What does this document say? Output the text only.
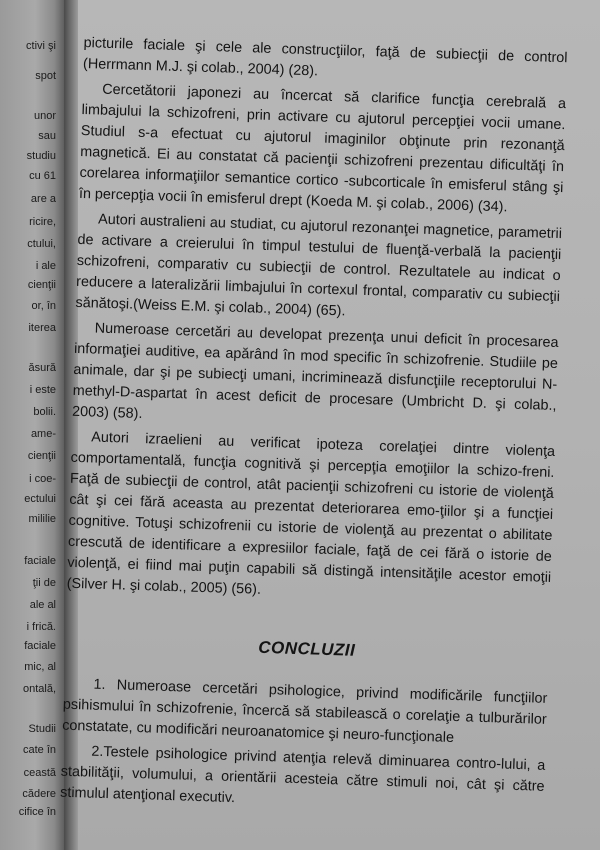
ctivi şi
spot
unor
sau
studiu
cu 61
are a
ricire,
ctului,
i ale
cienţii
or, în
iterea
ăsură
i este
bolii.
ame-
cienţii
i coe-
ectului
mililie
faciale
ţii de
ale al
i frică.
faciale
mic, al
ontală,
Studii
cate în
ceastă
căderе
cifice în

picturile faciale şi cele ale construcţiilor, faţă de subiecţii de control (Herrmann M.J. şi colab., 2004) (28).

Cercetătorii japonezi au încercat să clarifice funcţia cerebrală a limbajului la schizofreni, prin activare cu ajutorul percepţiei vocii umane. Studiul s-a efectuat cu ajutorul imaginilor obţinute prin rezonanţă magnetică. Ei au constatat că pacienţii schizofreni prezentau dificultăţi în corelarea informaţiilor semantice cortico -subcorticale în emisferul stâng şi în percepţia vocii în emisferul drept (Koeda M. şi colab., 2006) (34).

Autori australieni au studiat, cu ajutorul rezonanţei magnetice, parametrii de activare a creierului în timpul testului de fluenţă-verbală la pacienţii schizofreni, comparativ cu subiecţii de control. Rezultatele au indicat o reducere a lateralizării limbajului în cortexul frontal, comparativ cu subiecţii sănătoşi.(Weiss E.M. şi colab., 2004) (65).

Numeroase cercetări au developat prezenţa unui deficit în procesarea informaţiei auditive, ea apărând în mod specific în schizofrenie. Studiile pe animale, dar şi pe subiecţi umani, incriminează disfuncţiile receptorului N-methyl-D-aspartat în acest deficit de procesare (Umbricht D. şi colab., 2003) (58).

Autori izraelieni au verificat ipoteza corelaţiei dintre violenţa comportamentală, funcţia cognitivă şi percepţia emoţiilor la schizo-freni. Faţă de subiecţii de control, atât pacienţii schizofreni cu istorie de violenţă cât şi cei fără aceasta au prezentat deteriorarea emo-ţiilor şi a funcţiei cognitive. Totuşi schizofrenii cu istorie de violenţă au prezentat o abilitate crescută de identificare a expresiilor faciale, faţă de cei fără o istorie de violenţă, ei fiind mai puţin capabili să distingă intensităţile acestor emoţii (Silver H. şi colab., 2005) (56).

CONCLUZII

1. Numeroase cercetări psihologice, privind modificările funcţiilor psihismului în schizofrenie, încercă să stabilească o corelaţie a tulburărilor constatate, cu modificări neuroanatomice şi neuro-funcţionale

2.Testele psihologice privind atenţia relevă diminuarea contro-lului, a stabilităţii, volumului, a orientării acesteia către stimuli noi, cât şi către stimulul atenţional executiv.
